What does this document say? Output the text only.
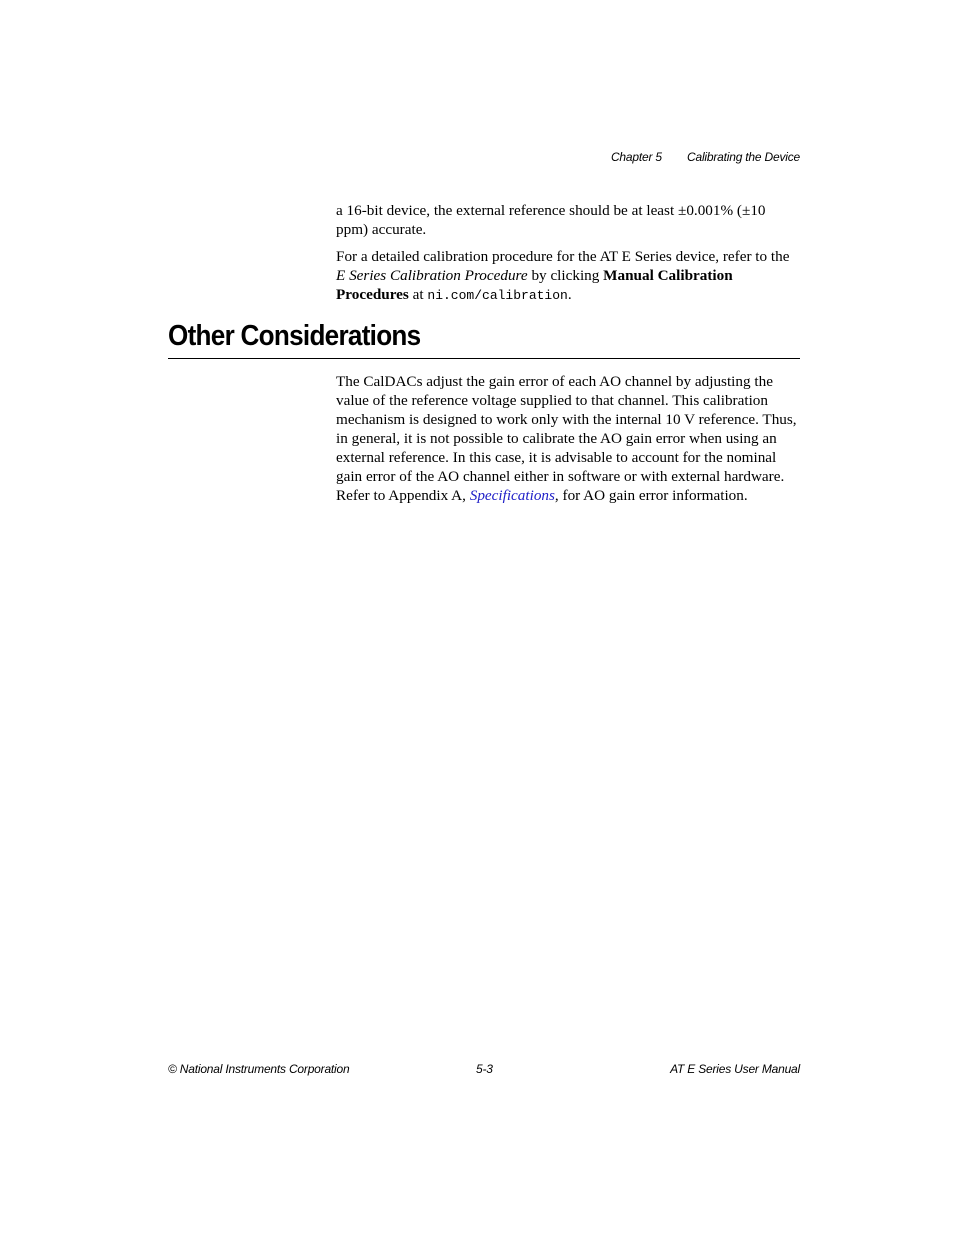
Chapter 5 Calibrating the Device

a 16-bit device, the external reference should be at least ±0.001% (±10 ppm) accurate.

For a detailed calibration procedure for the AT E Series device, refer to the E Series Calibration Procedure by clicking Manual Calibration Procedures at ni.com/calibration.

Other Considerations

The CalDACs adjust the gain error of each AO channel by adjusting the value of the reference voltage supplied to that channel. This calibration mechanism is designed to work only with the internal 10 V reference. Thus, in general, it is not possible to calibrate the AO gain error when using an external reference. In this case, it is advisable to account for the nominal gain error of the AO channel either in software or with external hardware. Refer to Appendix A, Specifications, for AO gain error information.

© National Instruments Corporation	5-3	AT E Series User Manual
